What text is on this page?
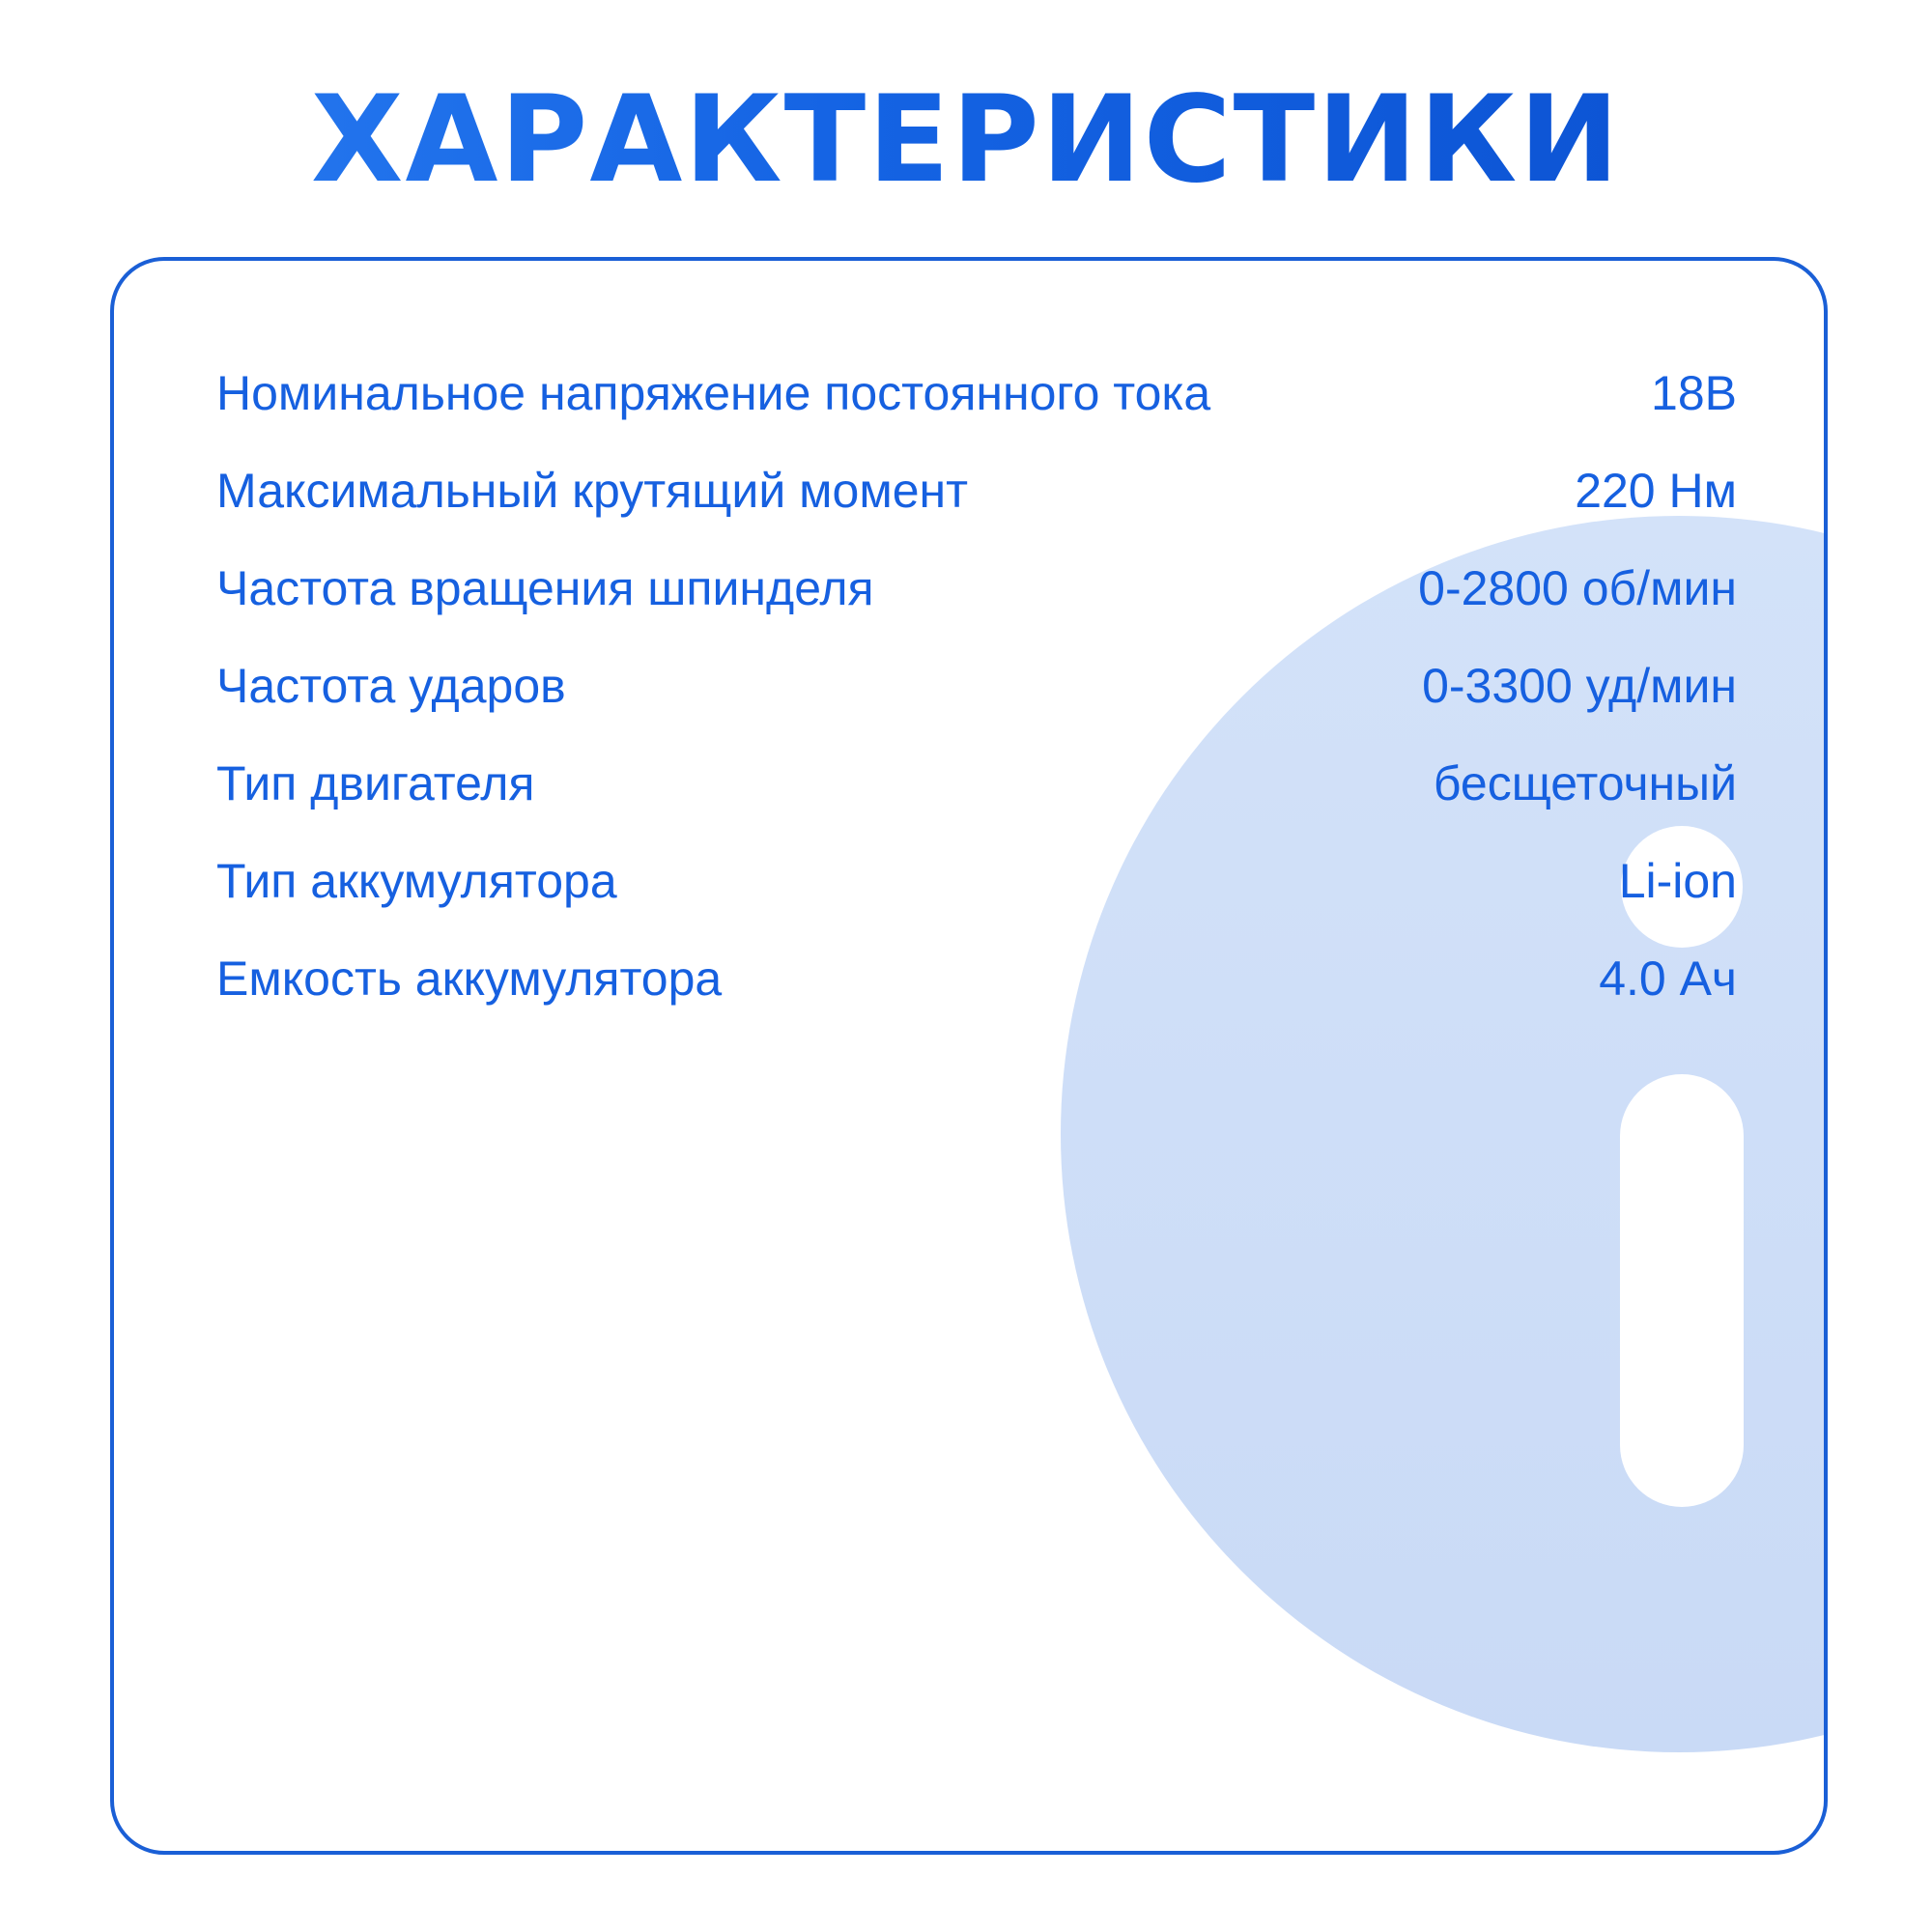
ХАРАКТЕРИСТИКИ
Номинальное напряжение постоянного тока	18В
Максимальный крутящий момент	220 Нм
Частота вращения шпинделя	0-2800 об/мин
Частота ударов	0-3300 уд/мин
Тип двигателя	бесщеточный
Тип аккумулятора	Li-ion
Емкость аккумулятора	4.0 Ач
